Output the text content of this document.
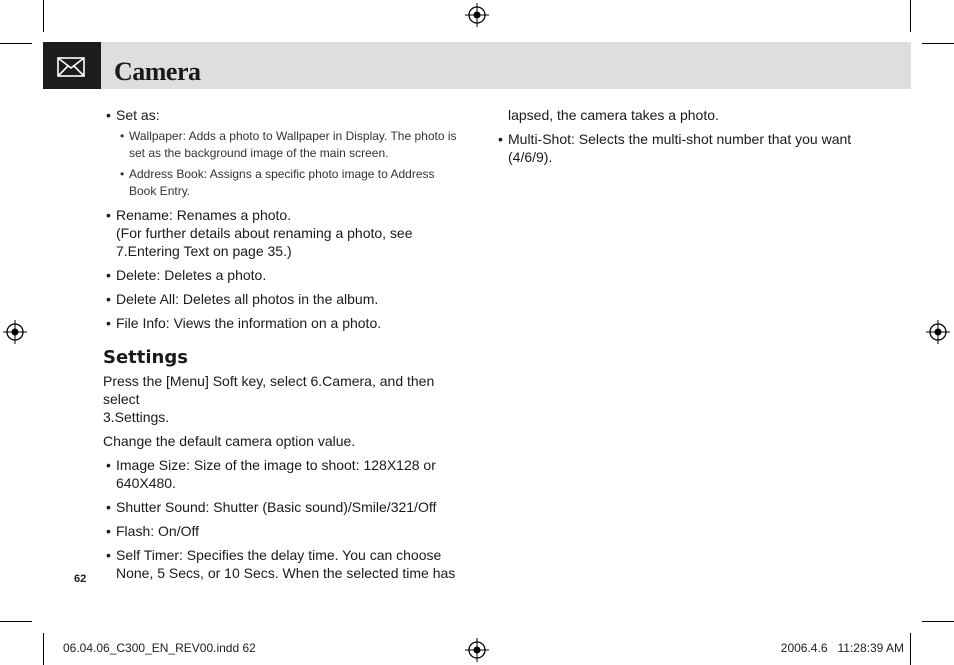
Camera

• Set as:

• Wallpaper: Adds a photo to Wallpaper in Display. The photo is
set as the background image of the main screen.

• Address Book: Assigns a specific photo image to Address
Book Entry.

• Rename: Renames a photo.
(For further details about renaming a photo, see
7.Entering Text on page 35.)

• Delete: Deletes a photo.

• Delete All: Deletes all photos in the album.

• File Info: Views the information on a photo.

Settings

Press the [Menu] Soft key, select 6.Camera, and then select
3.Settings.

Change the default camera option value.

• Image Size: Size of the image to shoot: 128X128 or
640X480.

• Shutter Sound: Shutter (Basic sound)/Smile/321/Off

• Flash: On/Off

• Self Timer: Specifies the delay time. You can choose
None, 5 Secs, or 10 Secs. When the selected time has

lapsed, the camera takes a photo.

• Multi-Shot: Selects the multi-shot number that you want
(4/6/9).

62
06.04.06_C300_EN_REV00.indd 62	2006.4.6   11:28:39 AM
